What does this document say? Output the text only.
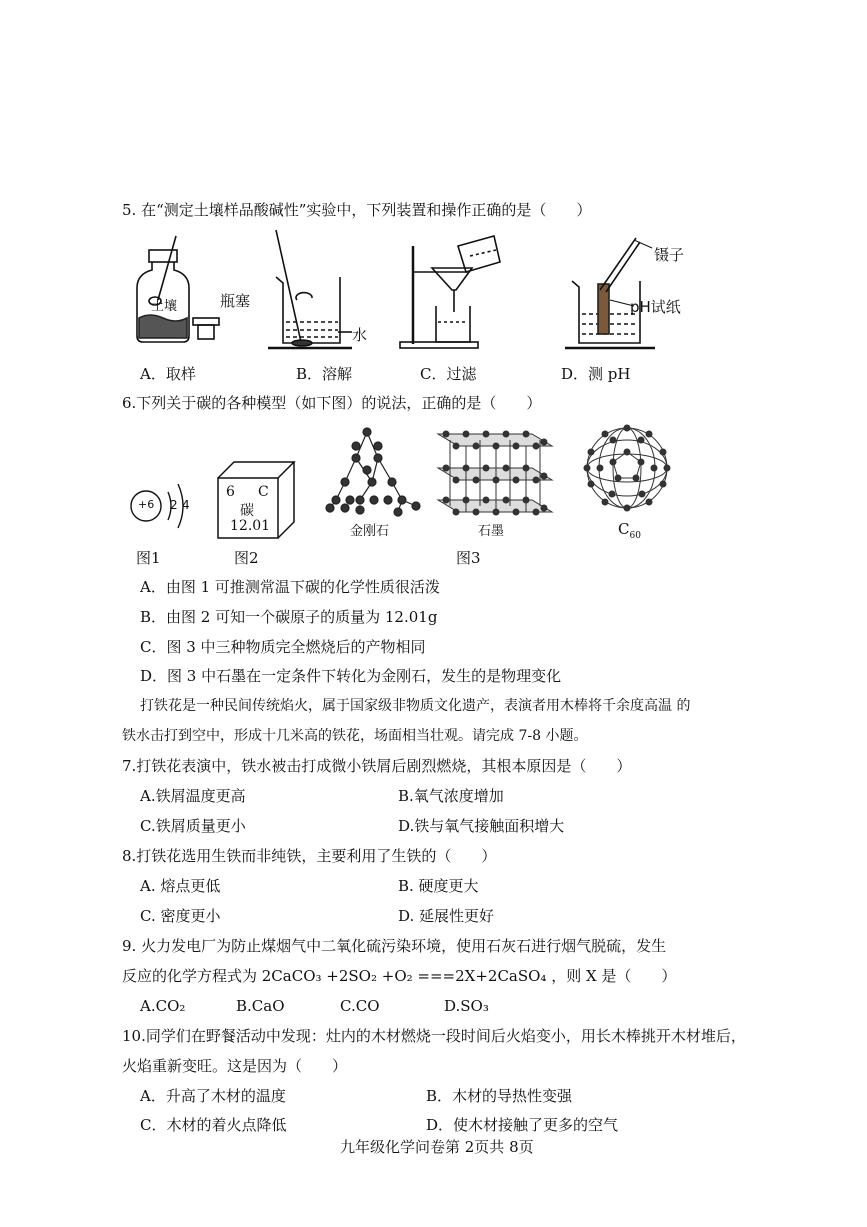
5. 在“测定土壤样品酸碱性”实验中，下列装置和操作正确的是（　　）
土壤	瓶塞
水
镊子
pH试纸
A．取样	B．溶解	C．过滤	D．测 pH
6.下列关于碳的各种模型（如下图）的说法，正确的是（　　）
+6 2 4
图1
6 C
碳
12.01
图2
金刚石	石墨	$C_{60}$
图3
A．由图 1 可推测常温下碳的化学性质很活泼
B．由图 2 可知一个碳原子的质量为 12.01g
C．图 3 中三种物质完全燃烧后的产物相同
D．图 3 中石墨在一定条件下转化为金刚石，发生的是物理变化
打铁花是一种民间传统焰火，属于国家级非物质文化遗产，表演者用木棒将千余度高温 的
铁水击打到空中，形成十几米高的铁花，场面相当壮观。请完成 7-8 小题。
7.打铁花表演中，铁水被击打成微小铁屑后剧烈燃烧，其根本原因是（　　）
A.铁屑温度更高	B.氧气浓度增加
C.铁屑质量更小	D.铁与氧气接触面积增大
8.打铁花选用生铁而非纯铁，主要利用了生铁的（　　）
A. 熔点更低	B. 硬度更大
C. 密度更小	D. 延展性更好
9. 火力发电厂为防止煤烟气中二氧化硫污染环境，使用石灰石进行烟气脱硫，发生
反应的化学方程式为 2CaCO₃ +2SO₂ +O₂ ===2X+2CaSO₄ ，则 X 是（　　）
A.CO₂	B.CaO	C.CO	D.SO₃
10.同学们在野餐活动中发现：灶内的木材燃烧一段时间后火焰变小，用长木棒挑开木材堆后，
火焰重新变旺。这是因为（　　）
A．升高了木材的温度	B．木材的导热性变强
C．木材的着火点降低	D．使木材接触了更多的空气
九年级化学问卷第 2页共 8页
